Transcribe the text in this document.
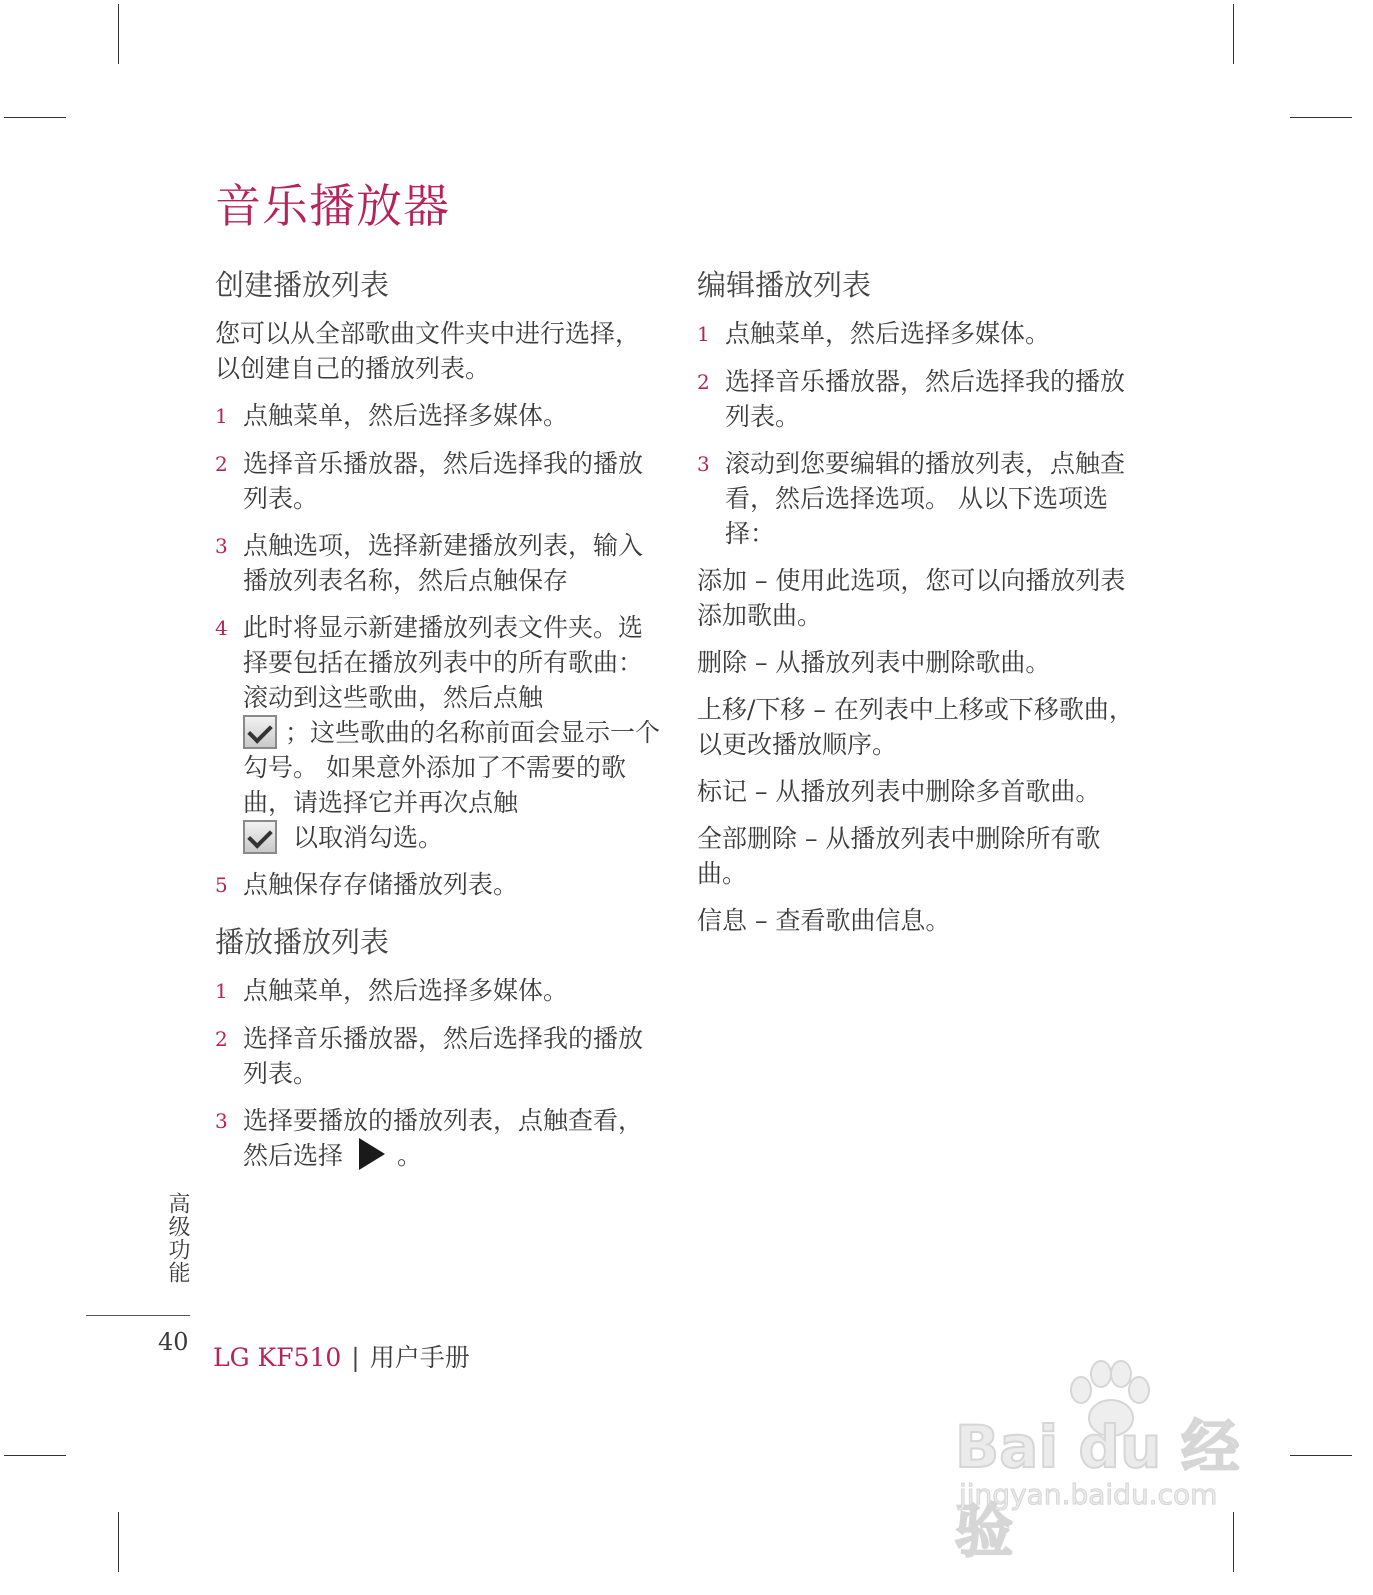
音乐播放器
创建播放列表
您可以从全部歌曲文件夹中进行选择，以创建自己的播放列表。
1 点触菜单，然后选择多媒体。
2 选择音乐播放器，然后选择我的播放列表。
3 点触选项，选择新建播放列表，输入播放列表名称，然后点触保存
4 此时将显示新建播放列表文件夹。选择要包括在播放列表中的所有歌曲：滚动到这些歌曲，然后点触
；这些歌曲的名称前面会显示一个勾号。 如果意外添加了不需要的歌曲，请选择它并再次点触
以取消勾选。
5 点触保存存储播放列表。
播放播放列表
1 点触菜单，然后选择多媒体。
2 选择音乐播放器，然后选择我的播放列表。
3 选择要播放的播放列表，点触查看，然后选择 。
编辑播放列表
1 点触菜单，然后选择多媒体。
2 选择音乐播放器，然后选择我的播放列表。
3 滚动到您要编辑的播放列表，点触查看，然后选择选项。 从以下选项选择：
添加 – 使用此选项，您可以向播放列表添加歌曲。
删除 – 从播放列表中删除歌曲。
上移/下移 – 在列表中上移或下移歌曲，以更改播放顺序。
标记 – 从播放列表中删除多首歌曲。
全部删除 – 从播放列表中删除所有歌曲。
信息 – 查看歌曲信息。
高级功能
40
LG KF510 | 用户手册
Bai du 经验
jingyan.baidu.com
